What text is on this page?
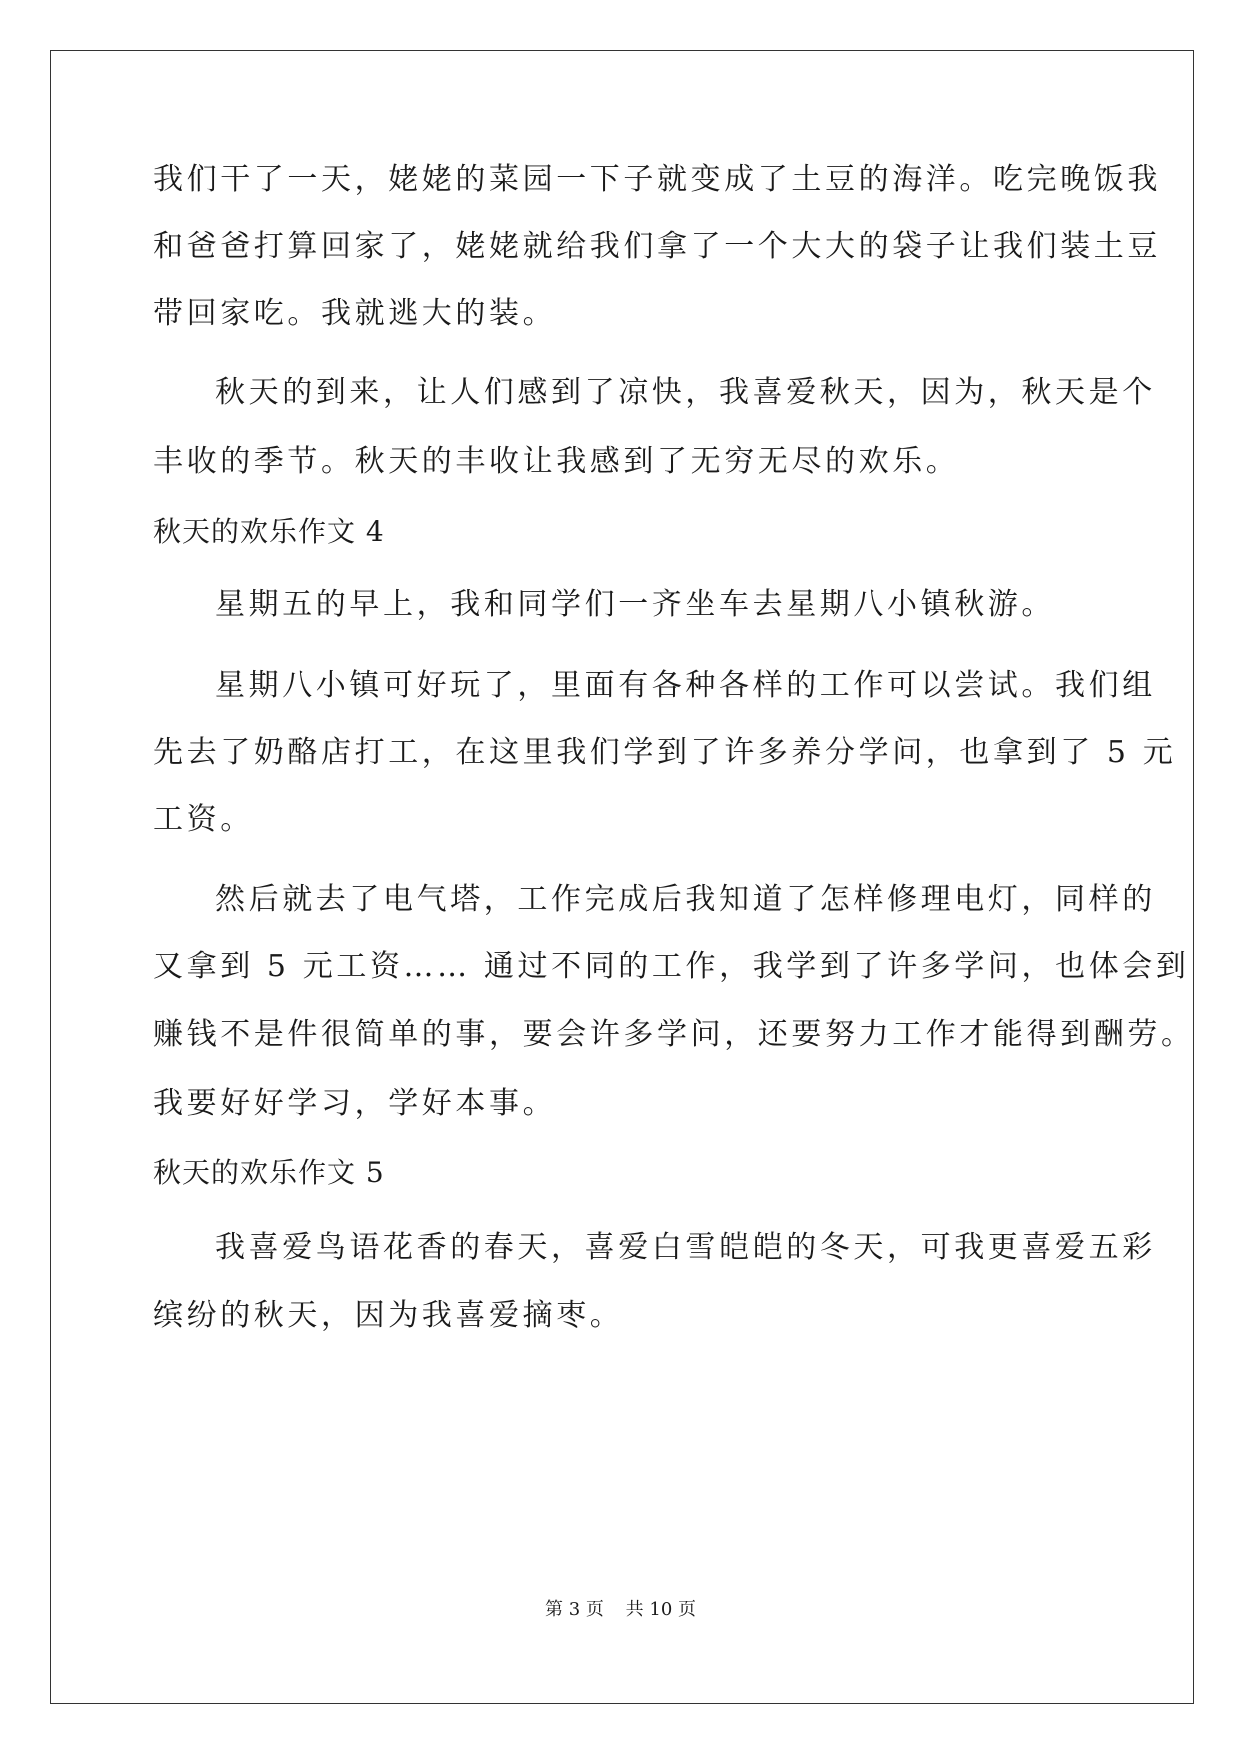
我们干了一天，姥姥的菜园一下子就变成了土豆的海洋。吃完晚饭我
和爸爸打算回家了，姥姥就给我们拿了一个大大的袋子让我们装土豆
带回家吃。我就逃大的装。
秋天的到来，让人们感到了凉快，我喜爱秋天，因为，秋天是个
丰收的季节。秋天的丰收让我感到了无穷无尽的欢乐。
秋天的欢乐作文 4
星期五的早上，我和同学们一齐坐车去星期八小镇秋游。
星期八小镇可好玩了，里面有各种各样的工作可以尝试。我们组
先去了奶酪店打工，在这里我们学到了许多养分学问，也拿到了 5 元
工资。
然后就去了电气塔，工作完成后我知道了怎样修理电灯，同样的
又拿到 5 元工资…… 通过不同的工作，我学到了许多学问，也体会到
赚钱不是件很简单的事，要会许多学问，还要努力工作才能得到酬劳。
我要好好学习，学好本事。
秋天的欢乐作文 5
我喜爱鸟语花香的春天，喜爱白雪皑皑的冬天，可我更喜爱五彩
缤纷的秋天，因为我喜爱摘枣。
第 3 页 共 10 页
